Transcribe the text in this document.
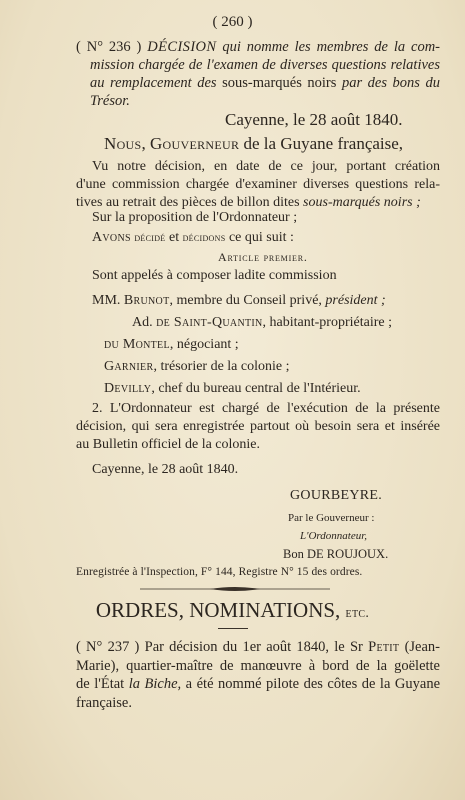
( 260 )
( N° 236 ) DÉCISION qui nomme les membres de la com-
mission chargée de l'examen de diverses questions relatives
au remplacement des sous-marqués noirs par des bons du
Trésor.
Cayenne, le 28 août 1840.
Nous, Gouverneur de la Guyane française,
Vu notre décision, en date de ce jour, portant création
d'une commission chargée d'examiner diverses questions rela-
tives au retrait des pièces de billon dites sous-marqués noirs ;
Sur la proposition de l'Ordonnateur ;
Avons décidé et décidons ce qui suit :
Article premier.
Sont appelés à composer ladite commission
MM. Brunot, membre du Conseil privé, président ;
Ad. de Saint-Quantin, habitant-propriétaire ;
du Montel, négociant ;
Garnier, trésorier de la colonie ;
Devilly, chef du bureau central de l'Intérieur.
2. L'Ordonnateur est chargé de l'exécution de la présente
décision, qui sera enregistrée partout où besoin sera et insérée
au Bulletin officiel de la colonie.
Cayenne, le 28 août 1840.
GOURBEYRE.
Par le Gouverneur :
L'Ordonnateur,
Bon DE ROUJOUX.
Enregistrée à l'Inspection, F° 144, Registre N° 15 des ordres.
ORDRES, NOMINATIONS, etc.
( N° 237 ) Par décision du 1er août 1840, le Sr Petit (Jean-
Marie), quartier-maître de manœuvre à bord de la goëlette
de l'État la Biche, a été nommé pilote des côtes de la Guyane
française.
